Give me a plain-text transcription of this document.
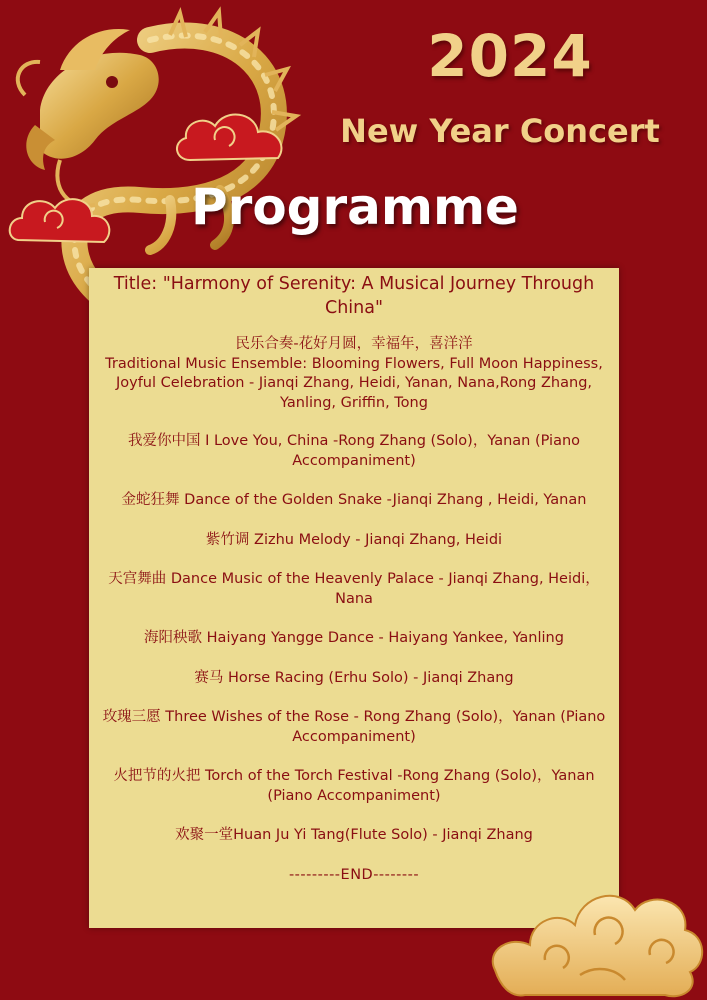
2024
New Year Concert
Programme
Title: "Harmony of Serenity: A Musical Journey Through China"
民乐合奏-花好月圆，幸福年，喜洋洋
Traditional Music Ensemble: Blooming Flowers, Full Moon Happiness, Joyful Celebration - Jianqi Zhang, Heidi, Yanan, Nana,Rong Zhang, Yanling, Griffin, Tong
我爱你中国 I Love You, China -Rong Zhang (Solo)，Yanan (Piano Accompaniment)
金蛇狂舞 Dance of the Golden Snake -Jianqi Zhang , Heidi, Yanan
紫竹调 Zizhu Melody - Jianqi Zhang, Heidi
天宫舞曲 Dance Music of the Heavenly Palace - Jianqi Zhang, Heidi，Nana
海阳秧歌 Haiyang Yangge Dance - Haiyang Yankee, Yanling
赛马 Horse Racing (Erhu Solo) - Jianqi Zhang
玫瑰三愿 Three Wishes of the Rose - Rong Zhang (Solo)，Yanan (Piano Accompaniment)
火把节的火把 Torch of the Torch Festival -Rong Zhang (Solo)，Yanan (Piano Accompaniment)
欢聚一堂Huan Ju Yi Tang(Flute Solo) - Jianqi Zhang
---------END--------
